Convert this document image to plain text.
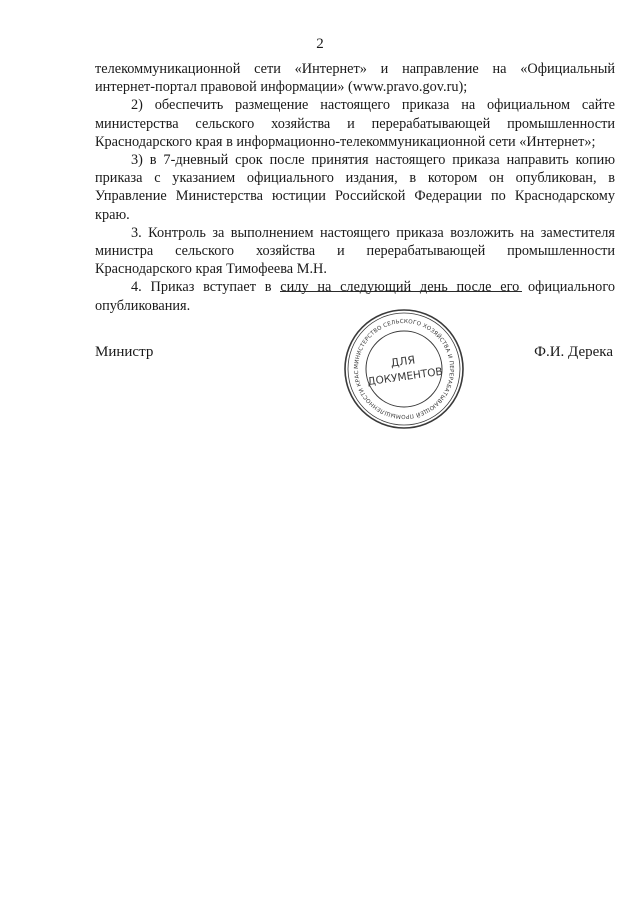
2

телекоммуникационной сети «Интернет» и направление на «Официальный интернет-портал правовой информации» (www.pravo.gov.ru);

2) обеспечить размещение настоящего приказа на официальном сайте министерства сельского хозяйства и перерабатывающей промышленности Краснодарского края в информационно-телекоммуникационной сети «Интернет»;

3) в 7-дневный срок после принятия настоящего приказа направить копию приказа с указанием официального издания, в котором он опубликован, в Управление Министерства юстиции Российской Федерации по Краснодарскому краю.

3. Контроль за выполнением настоящего приказа возложить на заместителя министра сельского хозяйства и перерабатывающей промышленности Краснодарского края Тимофеева М.Н.

4. Приказ вступает в силу на следующий день после его официального опубликования.

Министр	Ф.И. Дерека
МИНИСТЕРСТВО СЕЛЬСКОГО ХОЗЯЙСТВА И ПЕРЕРАБАТЫВАЮЩЕЙ ПРОМЫШЛЕННОСТИ КРАС
ДЛЯ
ДОКУМЕНТОВ
